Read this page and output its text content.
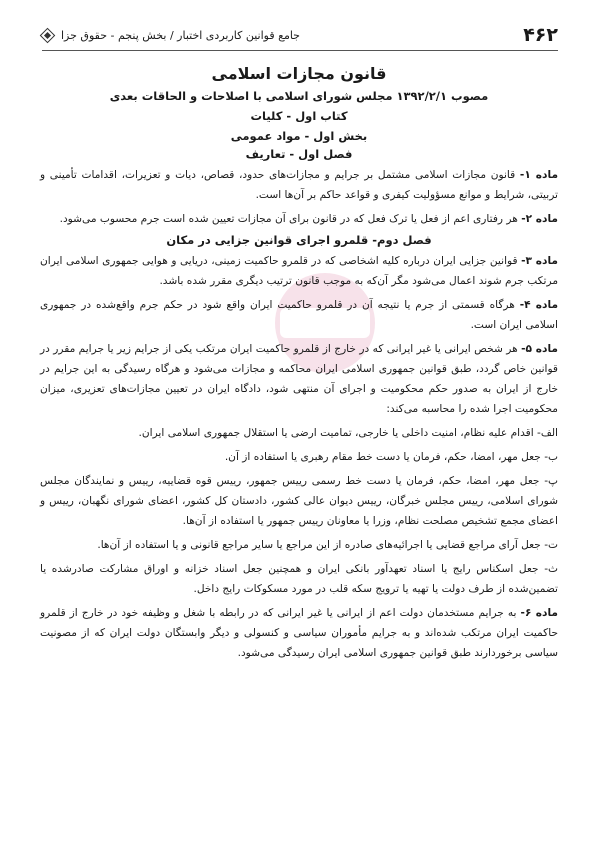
۴۶۲
جامع قوانین کاربردی اختبار / بخش پنجم - حقوق جزا
قانون مجازات اسلامی
مصوب ۱۳۹۲/۲/۱ مجلس شورای اسلامی با اصلاحات و الحاقات بعدی
کتاب اول - کلیات
بخش اول - مواد عمومی
فصل اول - تعاریف

ماده ۱- قانون مجازات اسلامی مشتمل بر جرایم و مجازات‌های حدود، قصاص، دیات و تعزیرات، اقدامات تأمینی و تربیتی، شرایط و موانع مسؤولیت کیفری و قواعد حاکم بر آن‌ها است.

ماده ۲- هر رفتاری اعم از فعل یا ترک فعل که در قانون برای آن مجازات تعیین شده است جرم محسوب می‌شود.

فصل دوم- قلمرو اجرای قوانین جزایی در مکان

ماده ۳- قوانین جزایی ایران درباره کلیه اشخاصی که در قلمرو حاکمیت زمینی، دریایی و هوایی جمهوری اسلامی ایران مرتکب جرم شوند اعمال می‌شود مگر آن‌که به موجب قانون ترتیب دیگری مقرر شده باشد.

ماده ۴- هرگاه قسمتی از جرم یا نتیجه آن در قلمرو حاکمیت ایران واقع شود در حکم جرم واقع‌شده در جمهوری اسلامی ایران است.

ماده ۵- هر شخص ایرانی یا غیر ایرانی که در خارج از قلمرو حاکمیت ایران مرتکب یکی از جرایم زیر یا جرایم مقرر در قوانین خاص گردد، طبق قوانین جمهوری اسلامی ایران محاکمه و مجازات می‌شود و هرگاه رسیدگی به این جرایم در خارج از ایران به صدور حکم محکومیت و اجرای آن منتهی شود، دادگاه ایران در تعیین مجازات‌های تعزیری، میزان محکومیت اجرا شده را محاسبه می‌کند:

الف- اقدام علیه نظام، امنیت داخلی یا خارجی، تمامیت ارضی یا استقلال جمهوری اسلامی ایران.

ب- جعل مهر، امضا، حکم، فرمان یا دست خط مقام رهبری یا استفاده از آن.

پ- جعل مهر، امضا، حکم، فرمان یا دست خط رسمی رییس جمهور، رییس قوه قضاییه، رییس و نمایندگان مجلس شورای اسلامی، رییس مجلس خبرگان، رییس دیوان عالی کشور، دادستان کل کشور، اعضای شورای نگهبان، رییس و اعضای مجمع تشخیص مصلحت نظام، وزرا یا معاونان رییس جمهور یا استفاده از آن‌ها.

ت- جعل آرای مراجع قضایی یا اجرائیه‌های صادره از این مراجع یا سایر مراجع قانونی و یا استفاده از آن‌ها.

ث- جعل اسکناس رایج یا اسناد تعهدآور بانکی ایران و همچنین جعل اسناد خزانه و اوراق مشارکت صادرشده یا تضمین‌شده از طرف دولت یا تهیه یا ترویج سکه قلب در مورد مسکوکات رایج داخل.

ماده ۶- به جرایم مستخدمان دولت اعم از ایرانی یا غیر ایرانی که در رابطه با شغل و وظیفه خود در خارج از قلمرو حاکمیت ایران مرتکب شده‌اند و به جرایم مأموران سیاسی و کنسولی و دیگر وابستگان دولت ایران که از مصونیت سیاسی برخوردارند طبق قوانین جمهوری اسلامی ایران رسیدگی می‌شود.
